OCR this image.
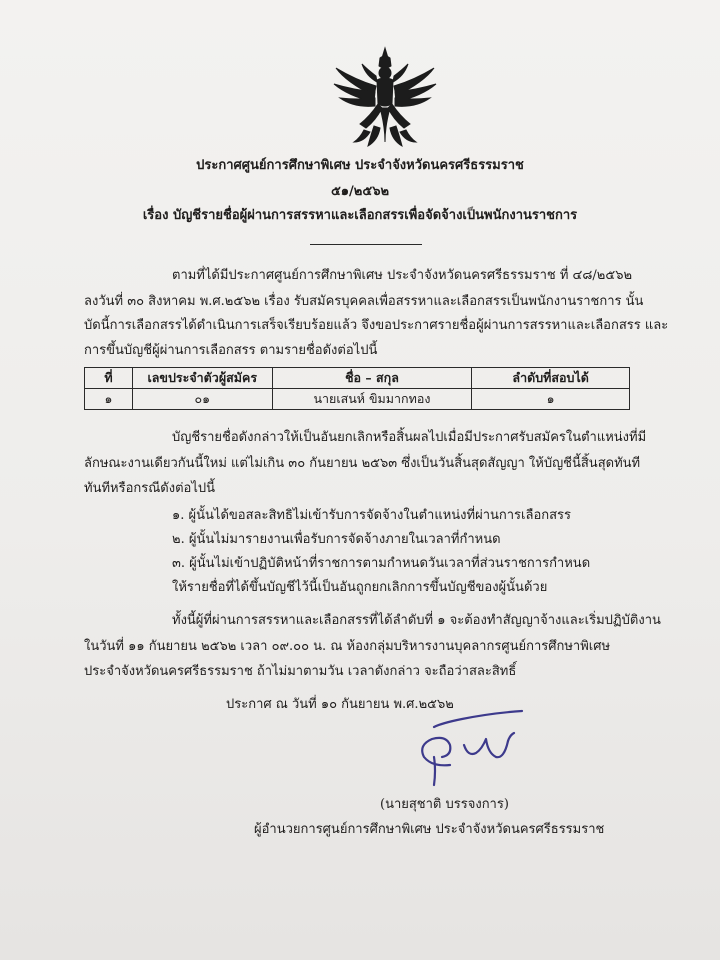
ประกาศศูนย์การศึกษาพิเศษ ประจำจังหวัดนครศรีธรรมราช
๕๑/๒๕๖๒
เรื่อง บัญชีรายชื่อผู้ผ่านการสรรหาและเลือกสรรเพื่อจัดจ้างเป็นพนักงานราชการ
ตามที่ได้มีประกาศศูนย์การศึกษาพิเศษ ประจำจังหวัดนครศรีธรรมราช ที่ ๔๘/๒๕๖๒
ลงวันที่ ๓๐ สิงหาคม พ.ศ.๒๕๖๒ เรื่อง รับสมัครบุคคลเพื่อสรรหาและเลือกสรรเป็นพนักงานราชการ นั้น
บัดนี้การเลือกสรรได้ดำเนินการเสร็จเรียบร้อยแล้ว จึงขอประกาศรายชื่อผู้ผ่านการสรรหาและเลือกสรร และ
การขึ้นบัญชีผู้ผ่านการเลือกสรร ตามรายชื่อดังต่อไปนี้
ที่	เลขประจำตัวผู้สมัคร	ชื่อ – สกุล	ลำดับที่สอบได้
๑	๐๑	นายเสนห์ ขิมมากทอง	๑
บัญชีรายชื่อดังกล่าวให้เป็นอันยกเลิกหรือสิ้นผลไปเมื่อมีประกาศรับสมัครในตำแหน่งที่มี
ลักษณะงานเดียวกันนี้ใหม่ แต่ไม่เกิน ๓๐ กันยายน ๒๕๖๓ ซึ่งเป็นวันสิ้นสุดสัญญา ให้บัญชีนี้สิ้นสุดทันที
ทันทีหรือกรณีดังต่อไปนี้
๑. ผู้นั้นได้ขอสละสิทธิไม่เข้ารับการจัดจ้างในตำแหน่งที่ผ่านการเลือกสรร
๒. ผู้นั้นไม่มารายงานเพื่อรับการจัดจ้างภายในเวลาที่กำหนด
๓. ผู้นั้นไม่เข้าปฏิบัติหน้าที่ราชการตามกำหนดวันเวลาที่ส่วนราชการกำหนด
ให้รายชื่อที่ได้ขึ้นบัญชีไว้นี้เป็นอันถูกยกเลิกการขึ้นบัญชีของผู้นั้นด้วย
ทั้งนี้ผู้ที่ผ่านการสรรหาและเลือกสรรที่ได้ลำดับที่ ๑ จะต้องทำสัญญาจ้างและเริ่มปฏิบัติงาน
ในวันที่ ๑๑ กันยายน ๒๕๖๒ เวลา ๐๙.๐๐ น. ณ ห้องกลุ่มบริหารงานบุคลากรศูนย์การศึกษาพิเศษ
ประจำจังหวัดนครศรีธรรมราช ถ้าไม่มาตามวัน เวลาดังกล่าว จะถือว่าสละสิทธิ์
ประกาศ ณ วันที่ ๑๐ กันยายน พ.ศ.๒๕๖๒
(นายสุชาติ บรรจงการ)
ผู้อำนวยการศูนย์การศึกษาพิเศษ ประจำจังหวัดนครศรีธรรมราช
